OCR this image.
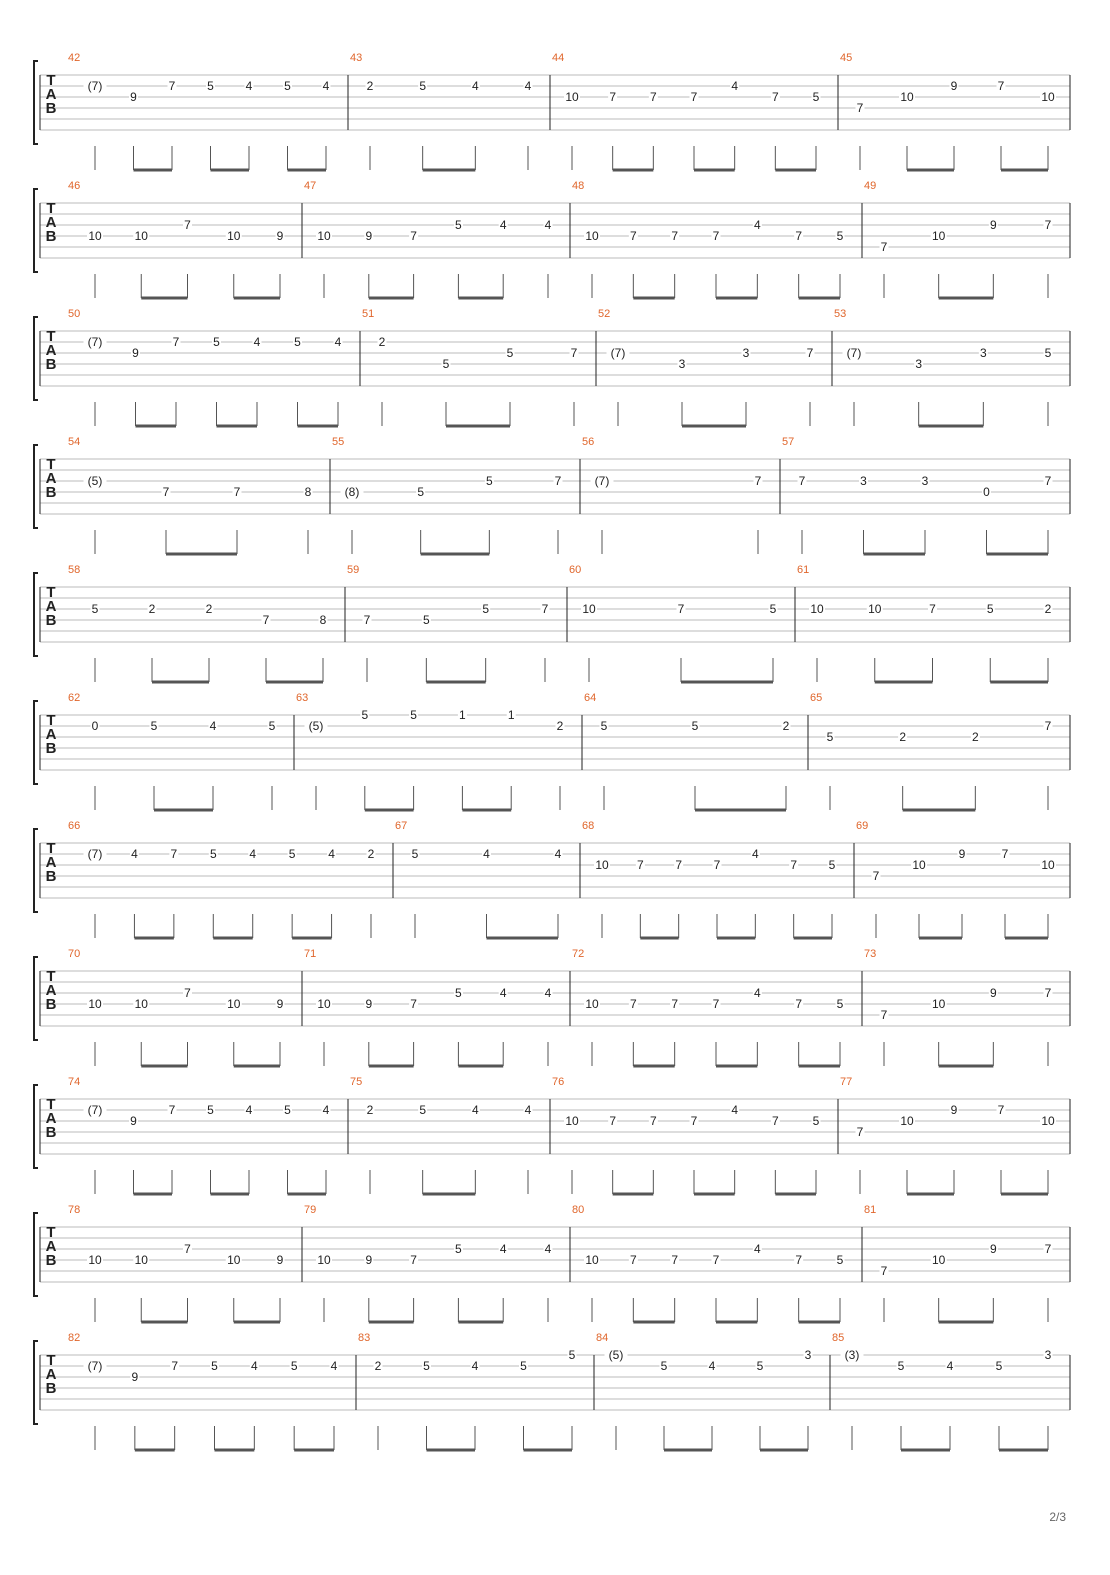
T
A
B
42
(7)
9
7	5	4	5	4
43
2	5	4	4
44
10	7	7	7
4
7	5
45
7
10
9	7
10
T
A
B
46
10	10
7
10	9
47
10	9	7
5	4	4
48
10	7	7	7
4
7	5
49
7
10
9	7
T
A
B
50
(7)
9
7	5	4	5	4
51
2
5
5	7
52
(7)
3
3	7
53
(7)
3
3	5
T
A
B
54
(5)
7	7	8
55
(8)	5
5	7
56
(7)	7
57
7	3	3
0
7
T
A
B
58
5	2	2
7	8
59
7	5
5	7
60
10	7	5
61
10	10	7	5	2
T
A
B
62
0	5	4	5
63
(5)
5	5	1	1
2
64
5	5	2
65
5	2	2
7
T
A
B
66
(7) 4	7	5	4	5	4	2
67
5	4	4
68
10 7	7	7
4
7	5
69
7
10
9	7
10
T
A
B
70
10	10
7
10	9
71
10	9	7
5	4	4
72
10	7	7	7
4
7	5
73
7
10
9	7
T
A
B
74
(7)
9
7	5	4	5	4
75
2	5	4	4
76
10	7	7	7
4
7	5
77
7
10
9	7
10
T
A
B
78
10	10
7
10	9
79
10	9	7
5	4	4
80
10	7	7	7
4
7	5
81
7
10
9	7
T
A
B
82
(7)
9
7	5	4	5	4
83
2	5	4	5
5
84
(5)
5	4	5
3
85
(3)
5	4	5
3
2/3
